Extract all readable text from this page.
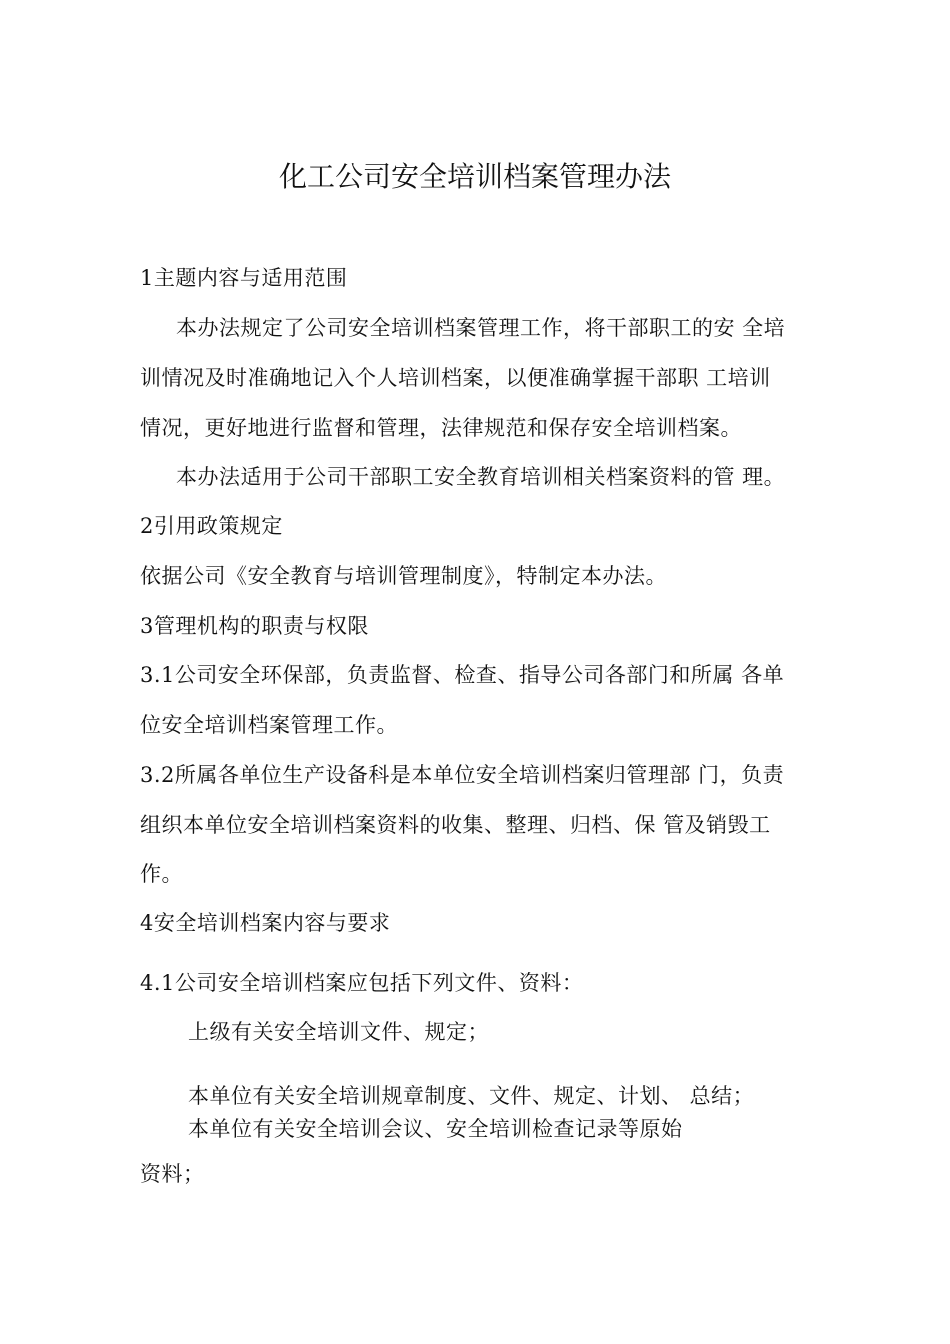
化工公司安全培训档案管理办法
1主题内容与适用范围
本办法规定了公司安全培训档案管理工作，将干部职工的安 全培
训情况及时准确地记入个人培训档案，以便准确掌握干部职 工培训
情况，更好地进行监督和管理，法律规范和保存安全培训档案。
本办法适用于公司干部职工安全教育培训相关档案资料的管 理。
2引用政策规定
依据公司《安全教育与培训管理制度》，特制定本办法。
3管理机构的职责与权限
3.1公司安全环保部，负责监督、检查、指导公司各部门和所属 各单
位安全培训档案管理工作。
3.2所属各单位生产设备科是本单位安全培训档案归管理部 门，负责
组织本单位安全培训档案资料的收集、整理、归档、保 管及销毁工
作。
4安全培训档案内容与要求
4.1公司安全培训档案应包括下列文件、资料：
上级有关安全培训文件、规定；
本单位有关安全培训规章制度、文件、规定、计划、 总结；
本单位有关安全培训会议、安全培训检查记录等原始
资料；
